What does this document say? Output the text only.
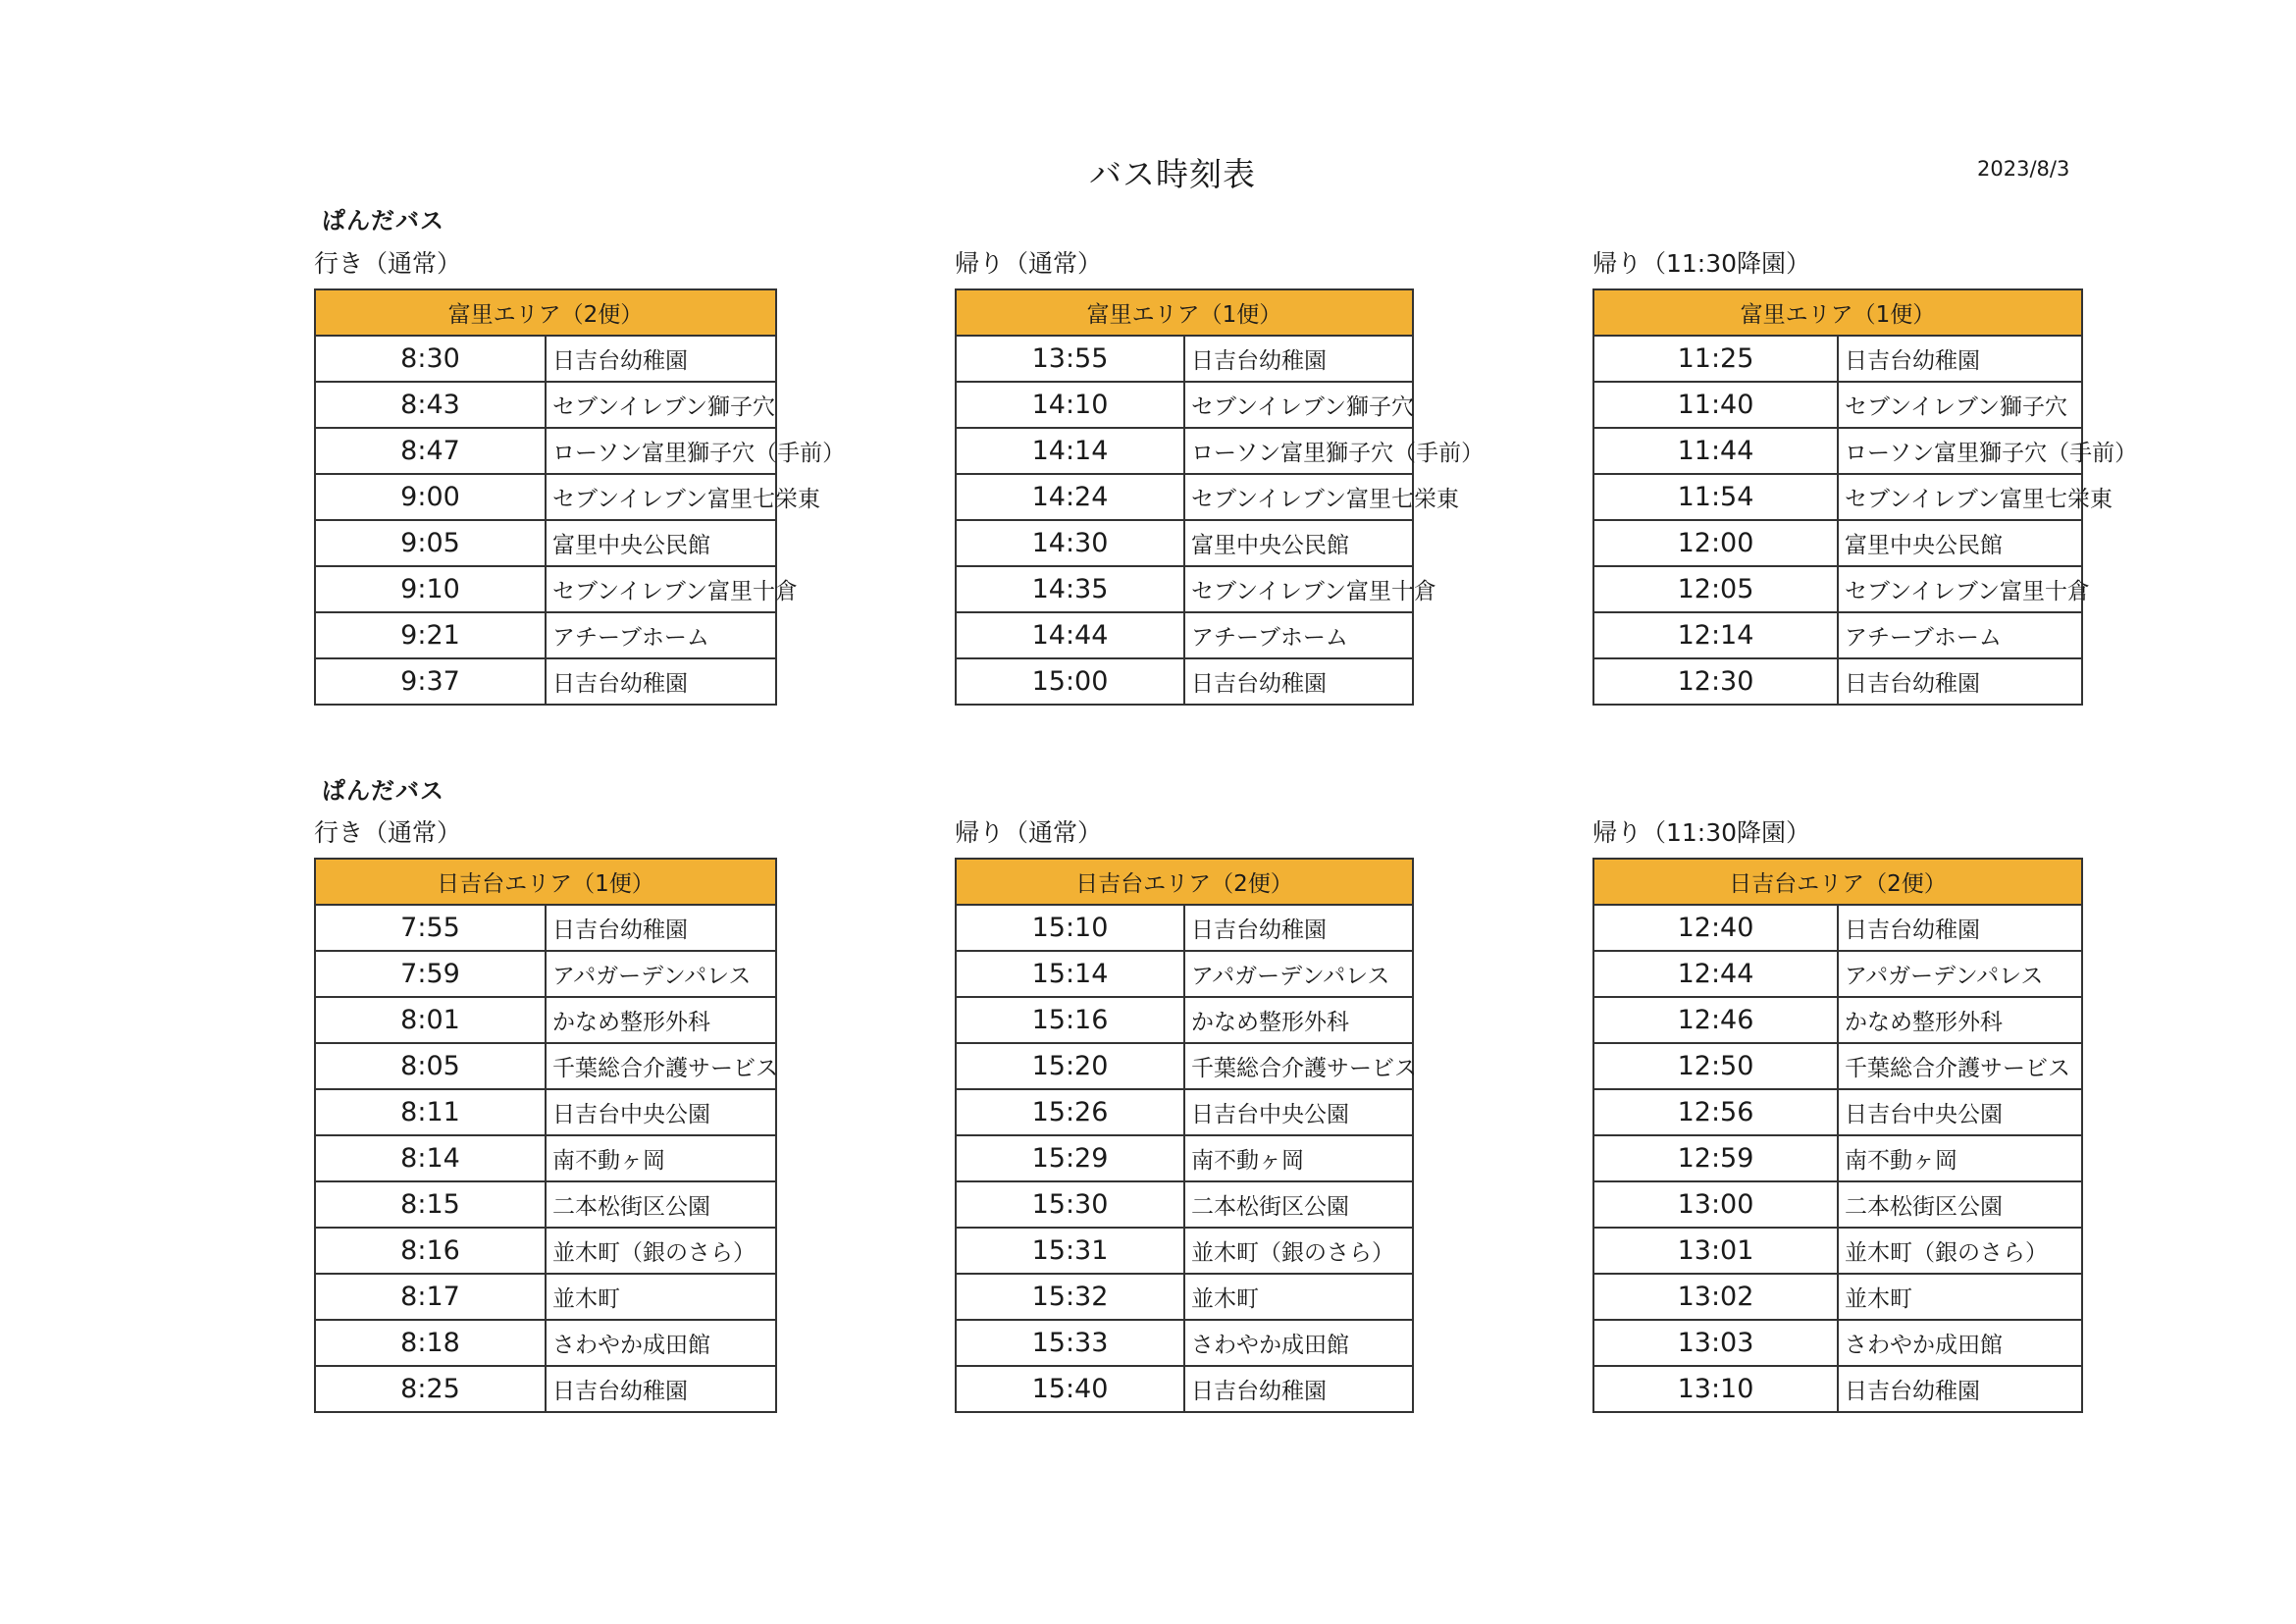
バス時刻表	2023/8/3
ぱんだバス
行き（通常）
富里エリア（2便）	
8:30	日吉台幼稚園
8:43	セブンイレブン獅子穴
8:47	ローソン富里獅子穴（手前）
9:00	セブンイレブン富里七栄東
9:05	富里中央公民館
9:10	セブンイレブン富里十倉
9:21	アチーブホーム
9:37	日吉台幼稚園
帰り（通常）
富里エリア（1便）	
13:55	日吉台幼稚園
14:10	セブンイレブン獅子穴
14:14	ローソン富里獅子穴（手前）
14:24	セブンイレブン富里七栄東
14:30	富里中央公民館
14:35	セブンイレブン富里十倉
14:44	アチーブホーム
15:00	日吉台幼稚園
帰り（11:30降園）
富里エリア（1便）	
11:25	日吉台幼稚園
11:40	セブンイレブン獅子穴
11:44	ローソン富里獅子穴（手前）
11:54	セブンイレブン富里七栄東
12:00	富里中央公民館
12:05	セブンイレブン富里十倉
12:14	アチーブホーム
12:30	日吉台幼稚園
ぱんだバス
行き（通常）
日吉台エリア（1便）	
7:55	日吉台幼稚園
7:59	アパガーデンパレス
8:01	かなめ整形外科
8:05	千葉総合介護サービス
8:11	日吉台中央公園
8:14	南不動ヶ岡
8:15	二本松街区公園
8:16	並木町（銀のさら）
8:17	並木町
8:18	さわやか成田館
8:25	日吉台幼稚園
帰り（通常）
日吉台エリア（2便）	
15:10	日吉台幼稚園
15:14	アパガーデンパレス
15:16	かなめ整形外科
15:20	千葉総合介護サービス
15:26	日吉台中央公園
15:29	南不動ヶ岡
15:30	二本松街区公園
15:31	並木町（銀のさら）
15:32	並木町
15:33	さわやか成田館
15:40	日吉台幼稚園
帰り（11:30降園）
日吉台エリア（2便）	
12:40	日吉台幼稚園
12:44	アパガーデンパレス
12:46	かなめ整形外科
12:50	千葉総合介護サービス
12:56	日吉台中央公園
12:59	南不動ヶ岡
13:00	二本松街区公園
13:01	並木町（銀のさら）
13:02	並木町
13:03	さわやか成田館
13:10	日吉台幼稚園
